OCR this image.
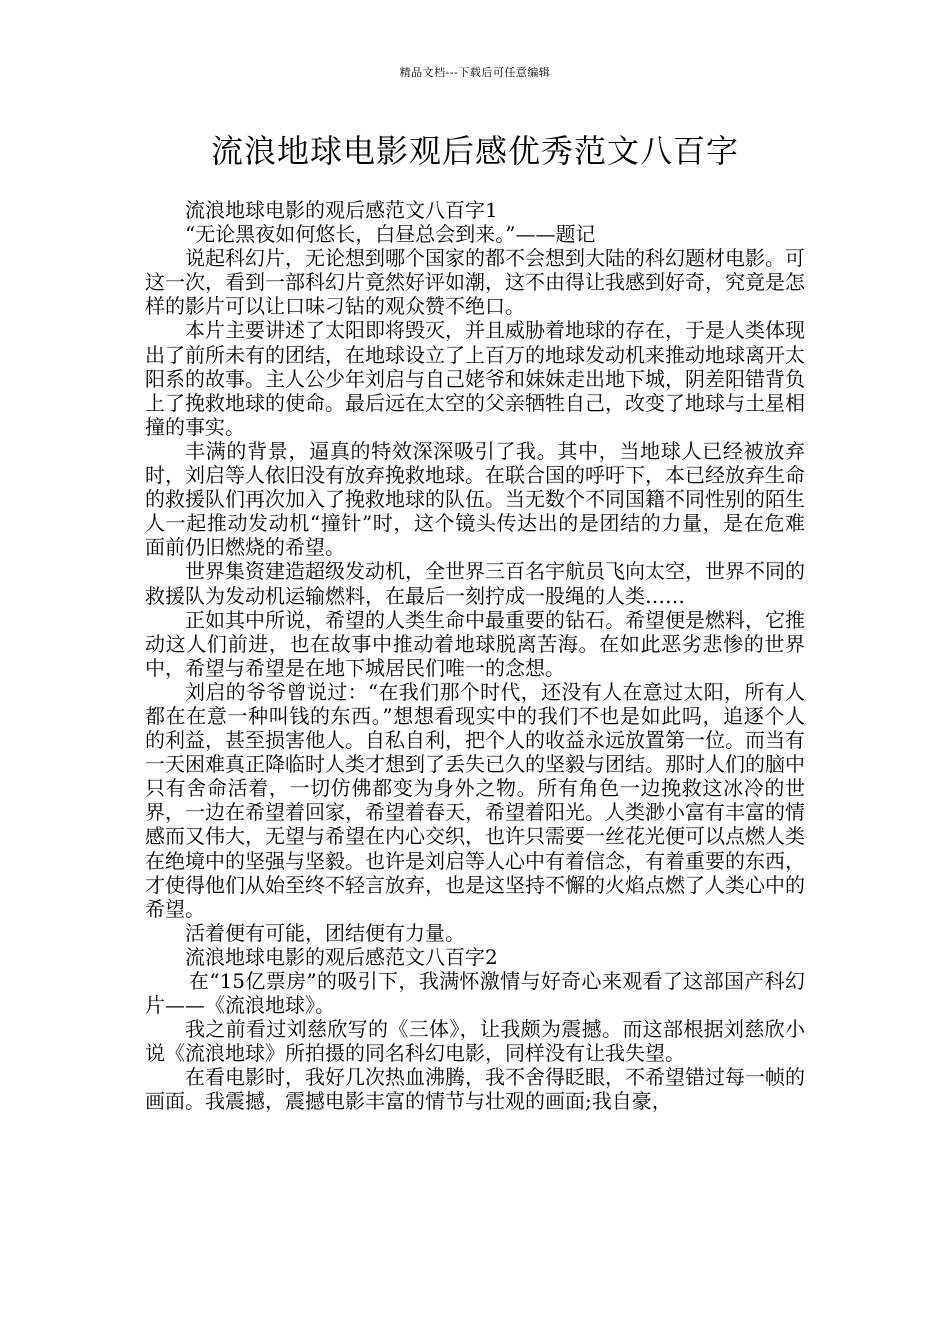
精品文档---下载后可任意编辑
流浪地球电影观后感优秀范文八百字

流浪地球电影的观后感范文八百字1

“无论黑夜如何悠长，白昼总会到来。”——题记

说起科幻片，无论想到哪个国家的都不会想到大陆的科幻题材电影。可这一次，看到一部科幻片竟然好评如潮，这不由得让我感到好奇，究竟是怎样的影片可以让口味刁钻的观众赞不绝口。

本片主要讲述了太阳即将毁灭，并且威胁着地球的存在，于是人类体现出了前所未有的团结，在地球设立了上百万的地球发动机来推动地球离开太阳系的故事。主人公少年刘启与自己姥爷和妹妹走出地下城，阴差阳错背负上了挽救地球的使命。最后远在太空的父亲牺牲自己，改变了地球与土星相撞的事实。

丰满的背景，逼真的特效深深吸引了我。其中，当地球人已经被放弃时，刘启等人依旧没有放弃挽救地球。在联合国的呼吁下，本已经放弃生命的救援队们再次加入了挽救地球的队伍。当无数个不同国籍不同性别的陌生人一起推动发动机“撞针”时，这个镜头传达出的是团结的力量，是在危难面前仍旧燃烧的希望。

世界集资建造超级发动机，全世界三百名宇航员飞向太空，世界不同的救援队为发动机运输燃料，在最后一刻拧成一股绳的人类……

正如其中所说，希望的人类生命中最重要的钻石。希望便是燃料，它推动这人们前进，也在故事中推动着地球脱离苦海。在如此恶劣悲惨的世界中，希望与希望是在地下城居民们唯一的念想。

刘启的爷爷曾说过：“在我们那个时代，还没有人在意过太阳，所有人都在在意一种叫钱的东西。”想想看现实中的我们不也是如此吗，追逐个人的利益，甚至损害他人。自私自利，把个人的收益永远放置第一位。而当有一天困难真正降临时人类才想到了丢失已久的坚毅与团结。那时人们的脑中只有舍命活着，一切仿佛都变为身外之物。所有角色一边挽救这冰冷的世界，一边在希望着回家，希望着春天，希望着阳光。人类渺小富有丰富的情感而又伟大，无望与希望在内心交织，也许只需要一丝花光便可以点燃人类在绝境中的坚强与坚毅。也许是刘启等人心中有着信念，有着重要的东西，才使得他们从始至终不轻言放弃，也是这坚持不懈的火焰点燃了人类心中的希望。

活着便有可能，团结便有力量。

流浪地球电影的观后感范文八百字2

在“15亿票房”的吸引下，我满怀激情与好奇心来观看了这部国产科幻片——《流浪地球》。

我之前看过刘慈欣写的《三体》，让我颇为震撼。而这部根据刘慈欣小说《流浪地球》所拍摄的同名科幻电影，同样没有让我失望。

在看电影时，我好几次热血沸腾，我不舍得眨眼，不希望错过每一帧的画面。我震撼，震撼电影丰富的情节与壮观的画面;我自豪，
